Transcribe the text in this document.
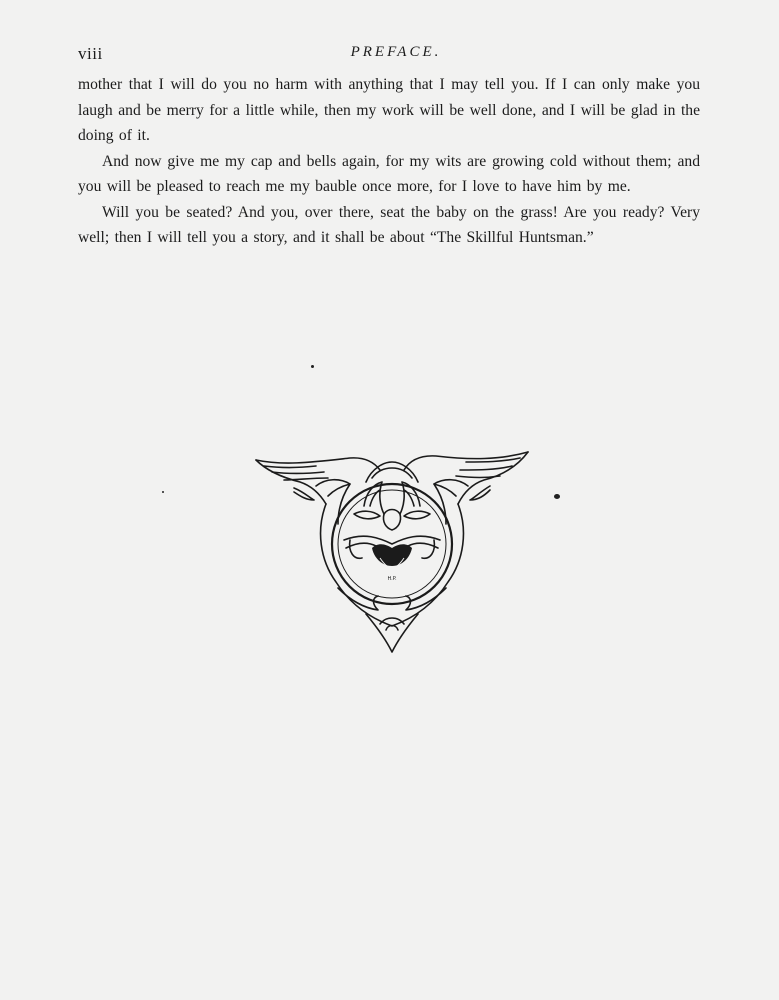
viii	PREFACE.

mother that I will do you no harm with anything that I may tell you. If I can only make you laugh and be merry for a little while, then my work will be well done, and I will be glad in the doing of it.

And now give me my cap and bells again, for my wits are growing cold without them; and you will be pleased to reach me my bauble once more, for I love to have him by me.

Will you be seated? And you, over there, seat the baby on the grass! Are you ready? Very well; then I will tell you a story, and it shall be about “The Skillful Huntsman.”

H.P.
